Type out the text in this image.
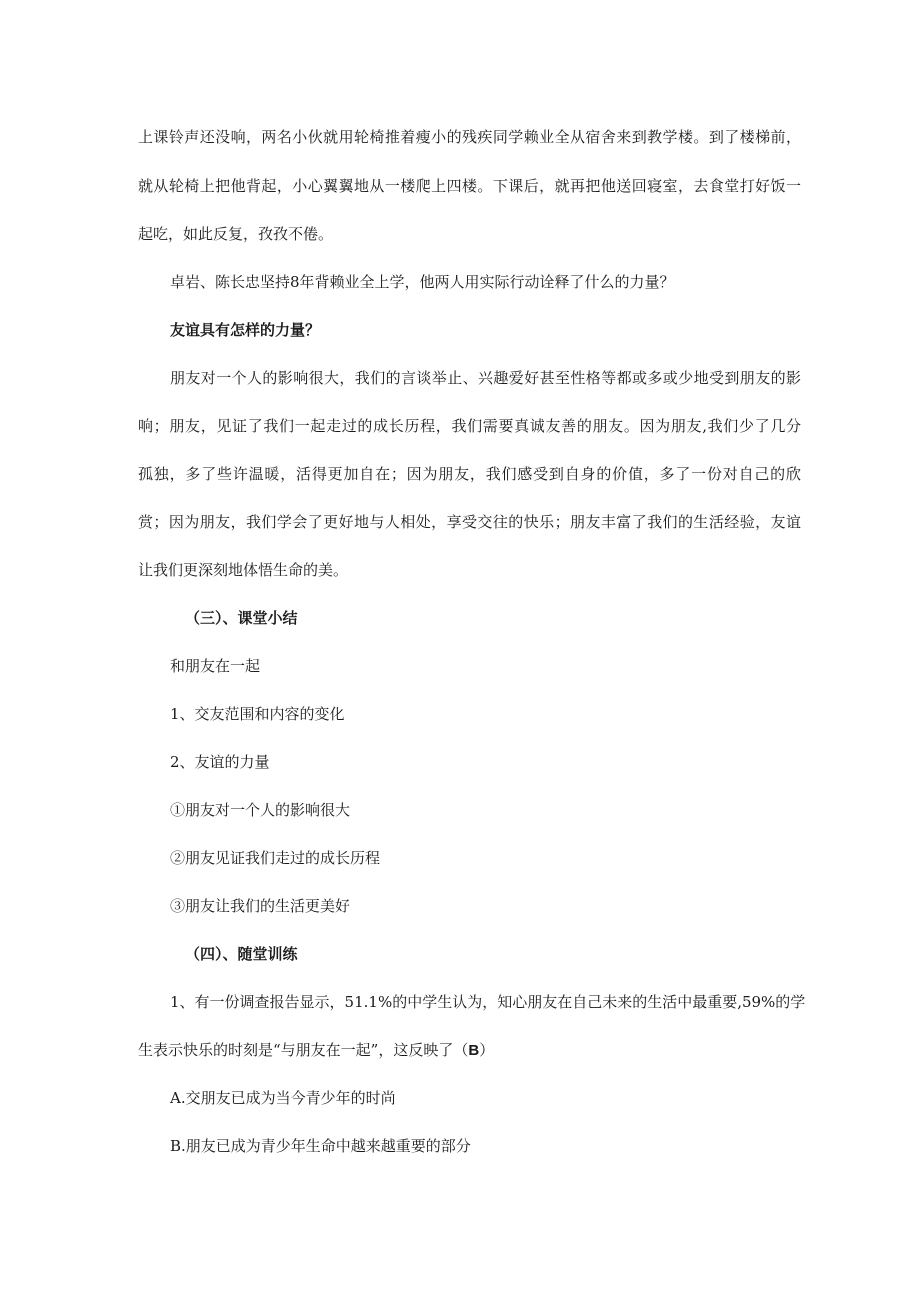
上课铃声还没响，两名小伙就用轮椅推着瘦小的残疾同学赖业全从宿舍来到教学楼。到了楼梯前，
就从轮椅上把他背起，小心翼翼地从一楼爬上四楼。下课后，就再把他送回寝室，去食堂打好饭一
起吃，如此反复，孜孜不倦。
卓岩、陈长忠坚持8年背赖业全上学，他两人用实际行动诠释了什么的力量？
友谊具有怎样的力量？
朋友对一个人的影响很大，我们的言谈举止、兴趣爱好甚至性格等都或多或少地受到朋友的影
响；朋友，见证了我们一起走过的成长历程，我们需要真诚友善的朋友。因为朋友,我们少了几分
孤独，多了些许温暖，活得更加自在；因为朋友，我们感受到自身的价值，多了一份对自己的欣
赏；因为朋友，我们学会了更好地与人相处，享受交往的快乐；朋友丰富了我们的生活经验，友谊
让我们更深刻地体悟生命的美。
（三）、课堂小结
和朋友在一起
1、交友范围和内容的变化
2、友谊的力量
①朋友对一个人的影响很大
②朋友见证我们走过的成长历程
③朋友让我们的生活更美好
（四）、随堂训练
1、有一份调查报告显示，51.1%的中学生认为，知心朋友在自己未来的生活中最重要,59%的学
生表示快乐的时刻是“与朋友在一起”，这反映了（B）
A.交朋友已成为当今青少年的时尚
B.朋友已成为青少年生命中越来越重要的部分
